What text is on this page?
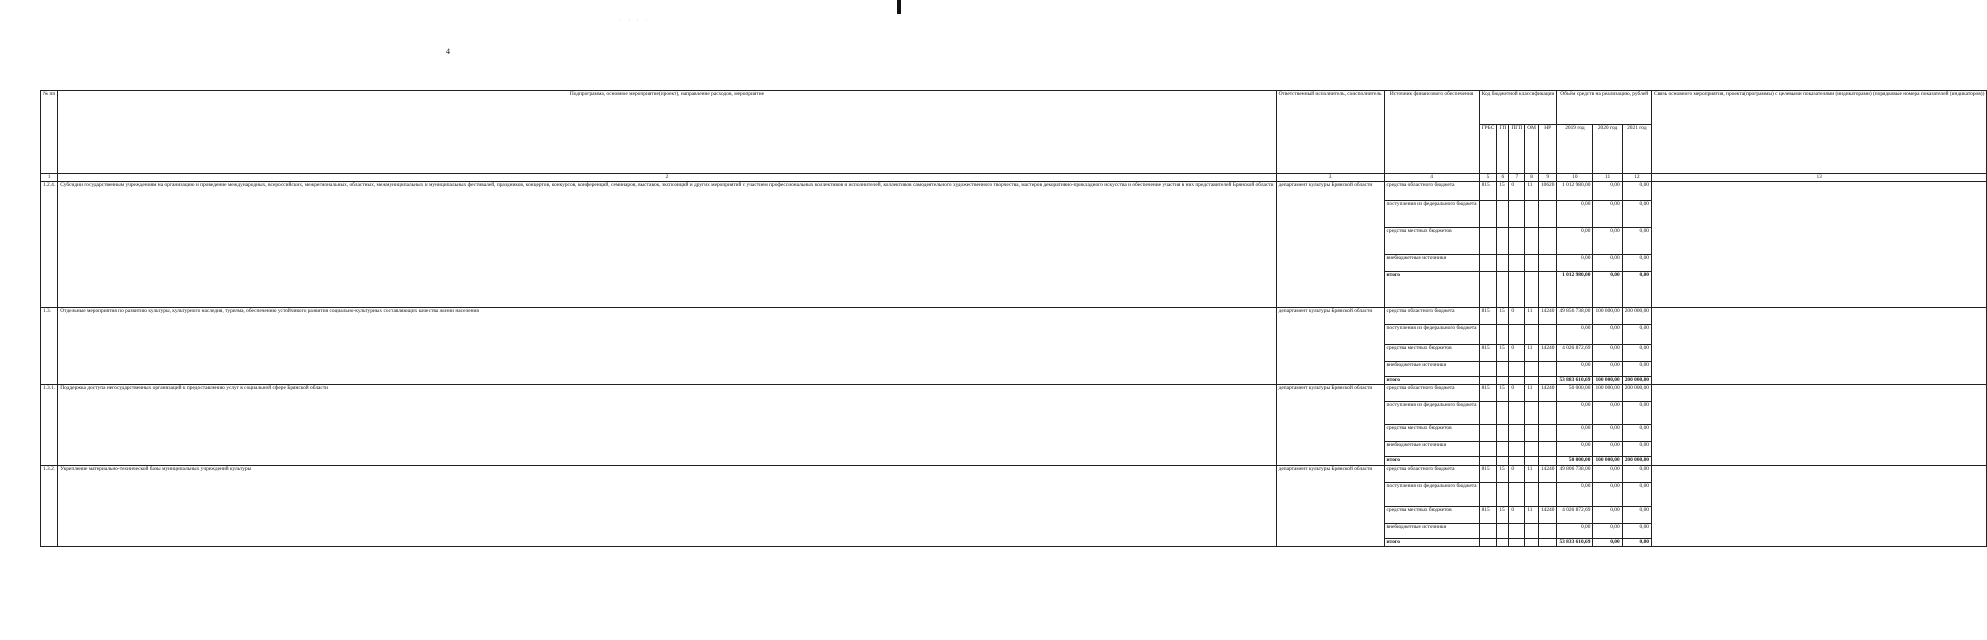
. . . .
4
№ пп	Подпрограмма, основное мероприятие(проект), направление расходов, мероприятие	Ответственный исполнитель, соисполнитель	Источник финансового обеспечения	Код бюджетной классификации					Объём средств на реализацию, рублей			Связь основного мероприятия, проекта(программы) с целевыми показателями (индикаторами) (порядковые номера показателей (индикаторов))
				ГРБС	ГП	ПГП	ОМ	НР	2019 год	2020 год	2021 год	
1	2	3	4	5	6	7	8	9	10	11	12	13
1.2.4.	Субсидии государственным учреждениям на организацию и проведение международных, всероссийских, межрегиональных, областных, межмуниципальных и муниципальных фестивалей, праздников, концертов, конкурсов, конференций, семинаров, выставок, экспозиций и других мероприятий с участием профессиональных коллективов и исполнителей, коллективов самодеятельного художественного творчества, мастеров декоративно-прикладного искусства и обеспечение участия в них представителей Брянской области	департамент культуры Брянской области	средства областного бюджета	815	15	0	11	10620	1 012 980,00	0,00	0,00	
			поступления из федерального бюджета						0,00	0,00	0,00	
			средства местных бюджетов						0,00	0,00	0,00	
			внебюджетные источники						0,00	0,00	0,00	
			итого						1 012 980,00	0,00	0,00	
1.3.	Отдельные мероприятия по развитию культуры, культурного наследия, туризма, обеспечению устойчивого развития социально-культурных составляющих качества жизни населения	департамент культуры Брянской области	средства областного бюджета	815	15	0	11	14240	49 856 738,00	100 000,00	200 000,00	
			поступления из федерального бюджета						0,00	0,00	0,00	
			средства местных бюджетов	815	15	0	11	14240	4 026 872,69	0,00	0,00	
			внебюджетные источники						0,00	0,00	0,00	
			итого						53 883 610,69	100 000,00	200 000,00	
1.3.1.	Поддержка доступа негосударственных организаций к предоставлению услуг в социальной сфере Брянской области	департамент культуры Брянской области	средства областного бюджета	815	15	0	11	14240	50 000,00	100 000,00	200 000,00	
			поступления из федерального бюджета						0,00	0,00	0,00	
			средства местных бюджетов						0,00	0,00	0,00	
			внебюджетные источники						0,00	0,00	0,00	
			итого						50 000,00	100 000,00	200 000,00	
1.3.2.	Укрепление материально-технической базы муниципальных учреждений культуры	департамент культуры Брянской области	средства областного бюджета	815	15	0	11	14240	49 806 738,00	0,00	0,00	
			поступления из федерального бюджета						0,00	0,00	0,00	
			средства местных бюджетов	815	15	0	11	14240	4 026 872,69	0,00	0,00	
			внебюджетные источники						0,00	0,00	0,00	
			итого						53 833 610,69	0,00	0,00	
